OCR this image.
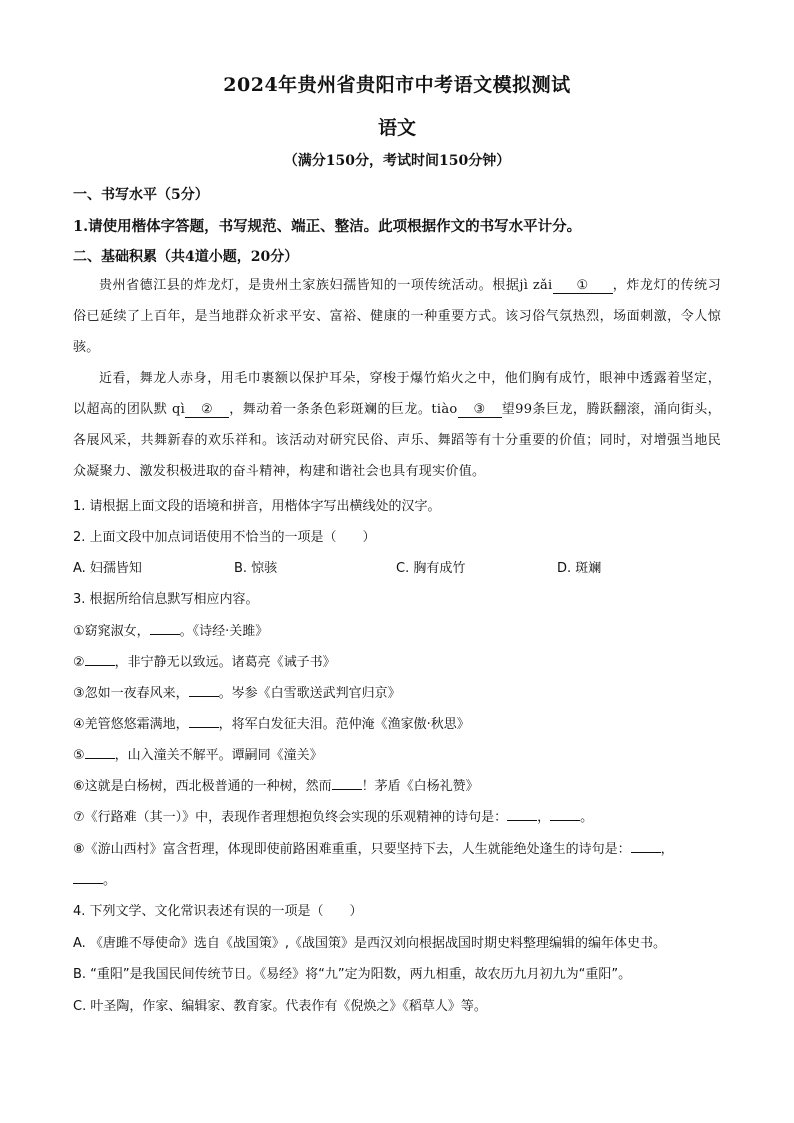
2024年贵州省贵阳市中考语文模拟测试
语文
（满分150分，考试时间150分钟）
一、书写水平（5分）
1.请使用楷体字答题，书写规范、端正、整洁。此项根据作文的书写水平计分。
二、基础积累（共4道小题，20分）
贵州省德江县的炸龙灯，是贵州土家族妇孺皆知的一项传统活动。根据jì zǎi ① ，炸龙灯的传统习俗已延续了上百年，是当地群众祈求平安、富裕、健康的一种重要方式。该习俗气氛热烈，场面刺激，令人惊骇。
近看，舞龙人赤身，用毛巾裹额以保护耳朵，穿梭于爆竹焰火之中，他们胸有成竹，眼神中透露着坚定，以超高的团队默 qì ② ，舞动着一条条色彩斑斓的巨龙。tiào ③ 望99条巨龙，腾跃翻滚，涌向街头，各展风采，共舞新春的欢乐祥和。该活动对研究民俗、声乐、舞蹈等有十分重要的价值；同时，对增强当地民众凝聚力、激发积极进取的奋斗精神，构建和谐社会也具有现实价值。
1. 请根据上面文段的语境和拼音，用楷体字写出横线处的汉字。
2. 上面文段中加点词语使用不恰当的一项是（　　）
A. 妇孺皆知	B. 惊骇	C. 胸有成竹	D. 斑斓
3. 根据所给信息默写相应内容。
①窈窕淑女， 。《诗经·关雎》
② ，非宁静无以致远。诸葛亮《诫子书》
③忽如一夜春风来， 。岑参《白雪歌送武判官归京》
④羌管悠悠霜满地， ，将军白发征夫泪。范仲淹《渔家傲·秋思》
⑤ ，山入潼关不解平。谭嗣同《潼关》
⑥这就是白杨树，西北极普通的一种树，然而 ！茅盾《白杨礼赞》
⑦《行路难（其一）》中，表现作者理想抱负终会实现的乐观精神的诗句是： ， 。
⑧《游山西村》富含哲理，体现即使前路困难重重，只要坚持下去，人生就能绝处逢生的诗句是： ，
。
4. 下列文学、文化常识表述有误的一项是（　　）
A. 《唐雎不辱使命》选自《战国策》,《战国策》是西汉刘向根据战国时期史料整理编辑的编年体史书。
B. “重阳”是我国民间传统节日。《易经》将“九”定为阳数，两九相重，故农历九月初九为“重阳”。
C. 叶圣陶，作家、编辑家、教育家。代表作有《倪焕之》《稻草人》等。
